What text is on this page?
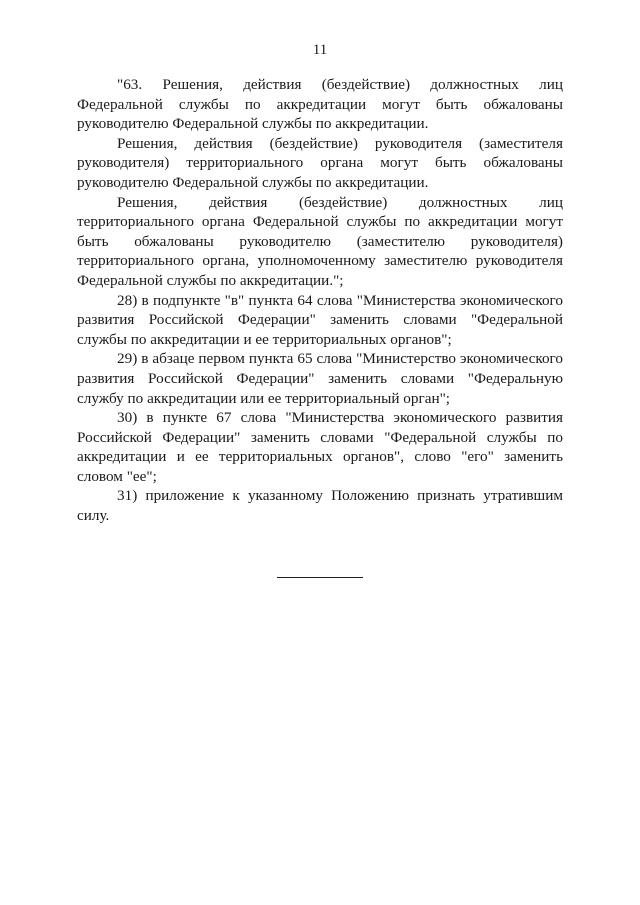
11

"63. Решения, действия (бездействие) должностных лиц Федеральной службы по аккредитации могут быть обжалованы руководителю Федеральной службы по аккредитации.

Решения, действия (бездействие) руководителя (заместителя руководителя) территориального органа могут быть обжалованы руководителю Федеральной службы по аккредитации.

Решения, действия (бездействие) должностных лиц территориального органа Федеральной службы по аккредитации могут быть обжалованы руководителю (заместителю руководителя) территориального органа, уполномоченному заместителю руководителя Федеральной службы по аккредитации.";

28) в подпункте "в" пункта 64 слова "Министерства экономического развития Российской Федерации" заменить словами "Федеральной службы по аккредитации и ее территориальных органов";

29) в абзаце первом пункта 65 слова "Министерство экономического развития Российской Федерации" заменить словами "Федеральную службу по аккредитации или ее территориальный орган";

30) в пункте 67 слова "Министерства экономического развития Российской Федерации" заменить словами "Федеральной службы по аккредитации и ее территориальных органов", слово "его" заменить словом "ее";

31) приложение к указанному Положению признать утратившим силу.
